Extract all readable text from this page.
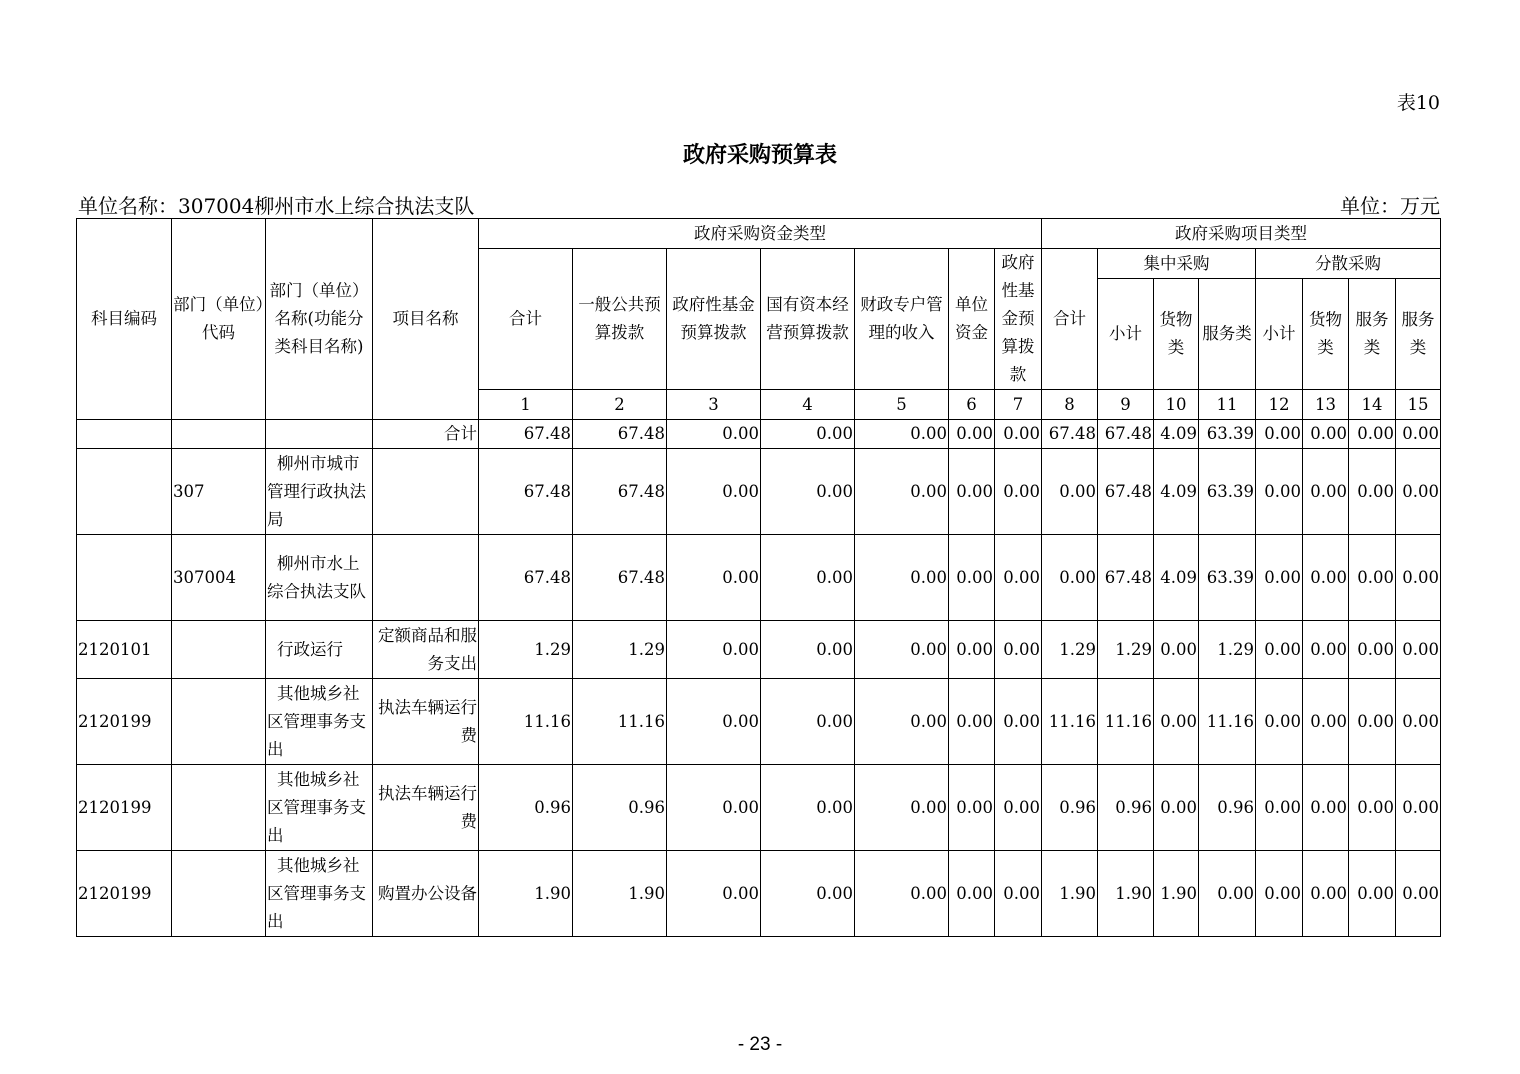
表10
政府采购预算表
单位名称：307004柳州市水上综合执法支队	单位：万元
科目编码	部门（单位）代码	部门（单位）名称(功能分类科目名称)	项目名称	政府采购资金类型							政府采购项目类型							
				合计	一般公共预算拨款	政府性基金预算拨款	国有资本经营预算拨款	财政专户管理的收入	单位资金	政府性基金预算拨款	合计	集中采购			分散采购			
												小计	货物类	服务类	小计	货物类	服务类	服务类
				1	2	3	4	5	6	7	8	9	10	11	12	13	14	15
			合计	67.48	67.48	0.00	0.00	0.00	0.00	0.00	67.48	67.48	4.09	63.39	0.00	0.00	0.00	0.00
	307	柳州市城市管理行政执法局		67.48	67.48	0.00	0.00	0.00	0.00	0.00	0.00	67.48	4.09	63.39	0.00	0.00	0.00	0.00
	307004	柳州市水上综合执法支队		67.48	67.48	0.00	0.00	0.00	0.00	0.00	0.00	67.48	4.09	63.39	0.00	0.00	0.00	0.00
2120101		行政运行	定额商品和服务支出	1.29	1.29	0.00	0.00	0.00	0.00	0.00	1.29	1.29	0.00	1.29	0.00	0.00	0.00	0.00
2120199		其他城乡社区管理事务支出	执法车辆运行费	11.16	11.16	0.00	0.00	0.00	0.00	0.00	11.16	11.16	0.00	11.16	0.00	0.00	0.00	0.00
2120199		其他城乡社区管理事务支出	执法车辆运行费	0.96	0.96	0.00	0.00	0.00	0.00	0.00	0.96	0.96	0.00	0.96	0.00	0.00	0.00	0.00
2120199		其他城乡社区管理事务支出	购置办公设备	1.90	1.90	0.00	0.00	0.00	0.00	0.00	1.90	1.90	1.90	0.00	0.00	0.00	0.00	0.00
- 23 -
